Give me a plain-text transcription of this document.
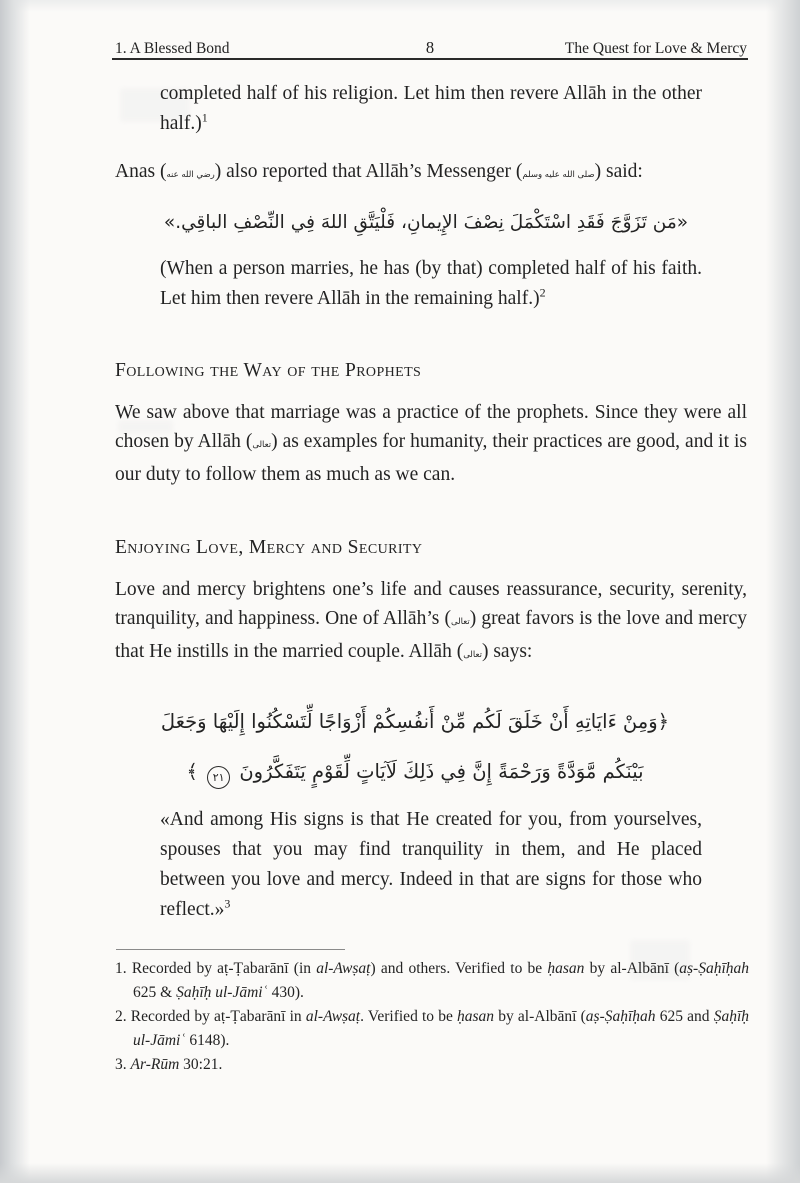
1. A Blessed Bond	8	The Quest for Love & Mercy
completed half of his religion. Let him then revere Allāh in the other half.)$^1$
Anas (رضي الله عنه) also reported that Allāh’s Messenger (صلى الله عليه وسلم) said:
«مَن تَزَوَّجَ فَقَدِ اسْتَكْمَلَ نِصْفَ الإِيمانِ، فَلْيَتَّقِ اللهَ فِي النِّصْفِ الباقِي.»
(When a person marries, he has (by that) completed half of his faith. Let him then revere Allāh in the remaining half.)$^2$
Following the Way of the Prophets
We saw above that marriage was a practice of the prophets. Since they were all chosen by Allāh (تعالى) as examples for humanity, their practices are good, and it is our duty to follow them as much as we can.
Enjoying Love, Mercy and Security
Love and mercy brightens one’s life and causes reassurance, security, serenity, tranquility, and happiness. One of Allāh’s (تعالى) great favors is the love and mercy that He instills in the married couple. Allāh (تعالى) says:
﴿وَمِنْ ءَايَاتِهِ أَنْ خَلَقَ لَكُم مِّنْ أَنفُسِكُمْ أَزْوَاجًا لِّتَسْكُنُوا إِلَيْهَا وَجَعَلَ
بَيْنَكُم مَّوَدَّةً وَرَحْمَةً إِنَّ فِي ذَلِكَ لَآيَاتٍ لِّقَوْمٍ يَتَفَكَّرُونَ ٢١ ﴾
«And among His signs is that He created for you, from yourselves, spouses that you may find tranquility in them, and He placed between you love and mercy. Indeed in that are signs for those who reflect.»$^3$
1. Recorded by aṭ-Ṭabarānī (in al-Awṣaṭ) and others. Verified to be ḥasan by al-Albānī (aṣ-Ṣaḥīḥah 625 & Ṣaḥīḥ ul-Jāmiʿ 430).
2. Recorded by aṭ-Ṭabarānī in al-Awṣaṭ. Verified to be ḥasan by al-Albānī (aṣ-Ṣaḥīḥah 625 and Ṣaḥīḥ ul-Jāmiʿ 6148).
3. Ar-Rūm 30:21.
